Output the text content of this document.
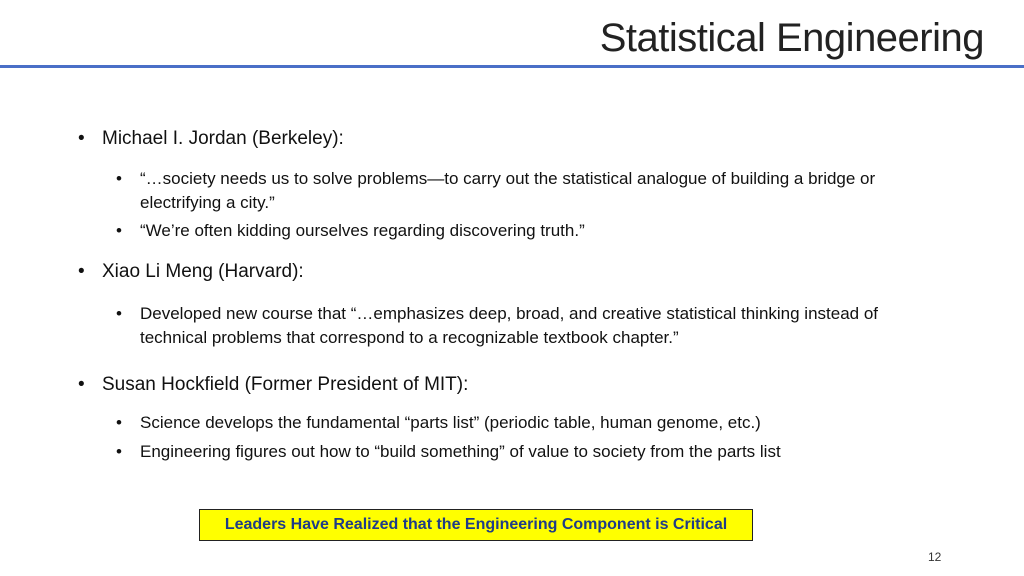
Statistical Engineering
• Michael I. Jordan (Berkeley):
• “…society needs us to solve problems—to carry out the statistical analogue of building a bridge or electrifying a city.”
• “We’re often kidding ourselves regarding discovering truth.”
• Xiao Li Meng (Harvard):
• Developed new course that “…emphasizes deep, broad, and creative statistical thinking instead of technical problems that correspond to a recognizable textbook chapter.”
• Susan Hockfield (Former President of MIT):
• Science develops the fundamental “parts list” (periodic table, human genome, etc.)
• Engineering figures out how to “build something” of value to society from the parts list
Leaders Have Realized that the Engineering Component is Critical
12
